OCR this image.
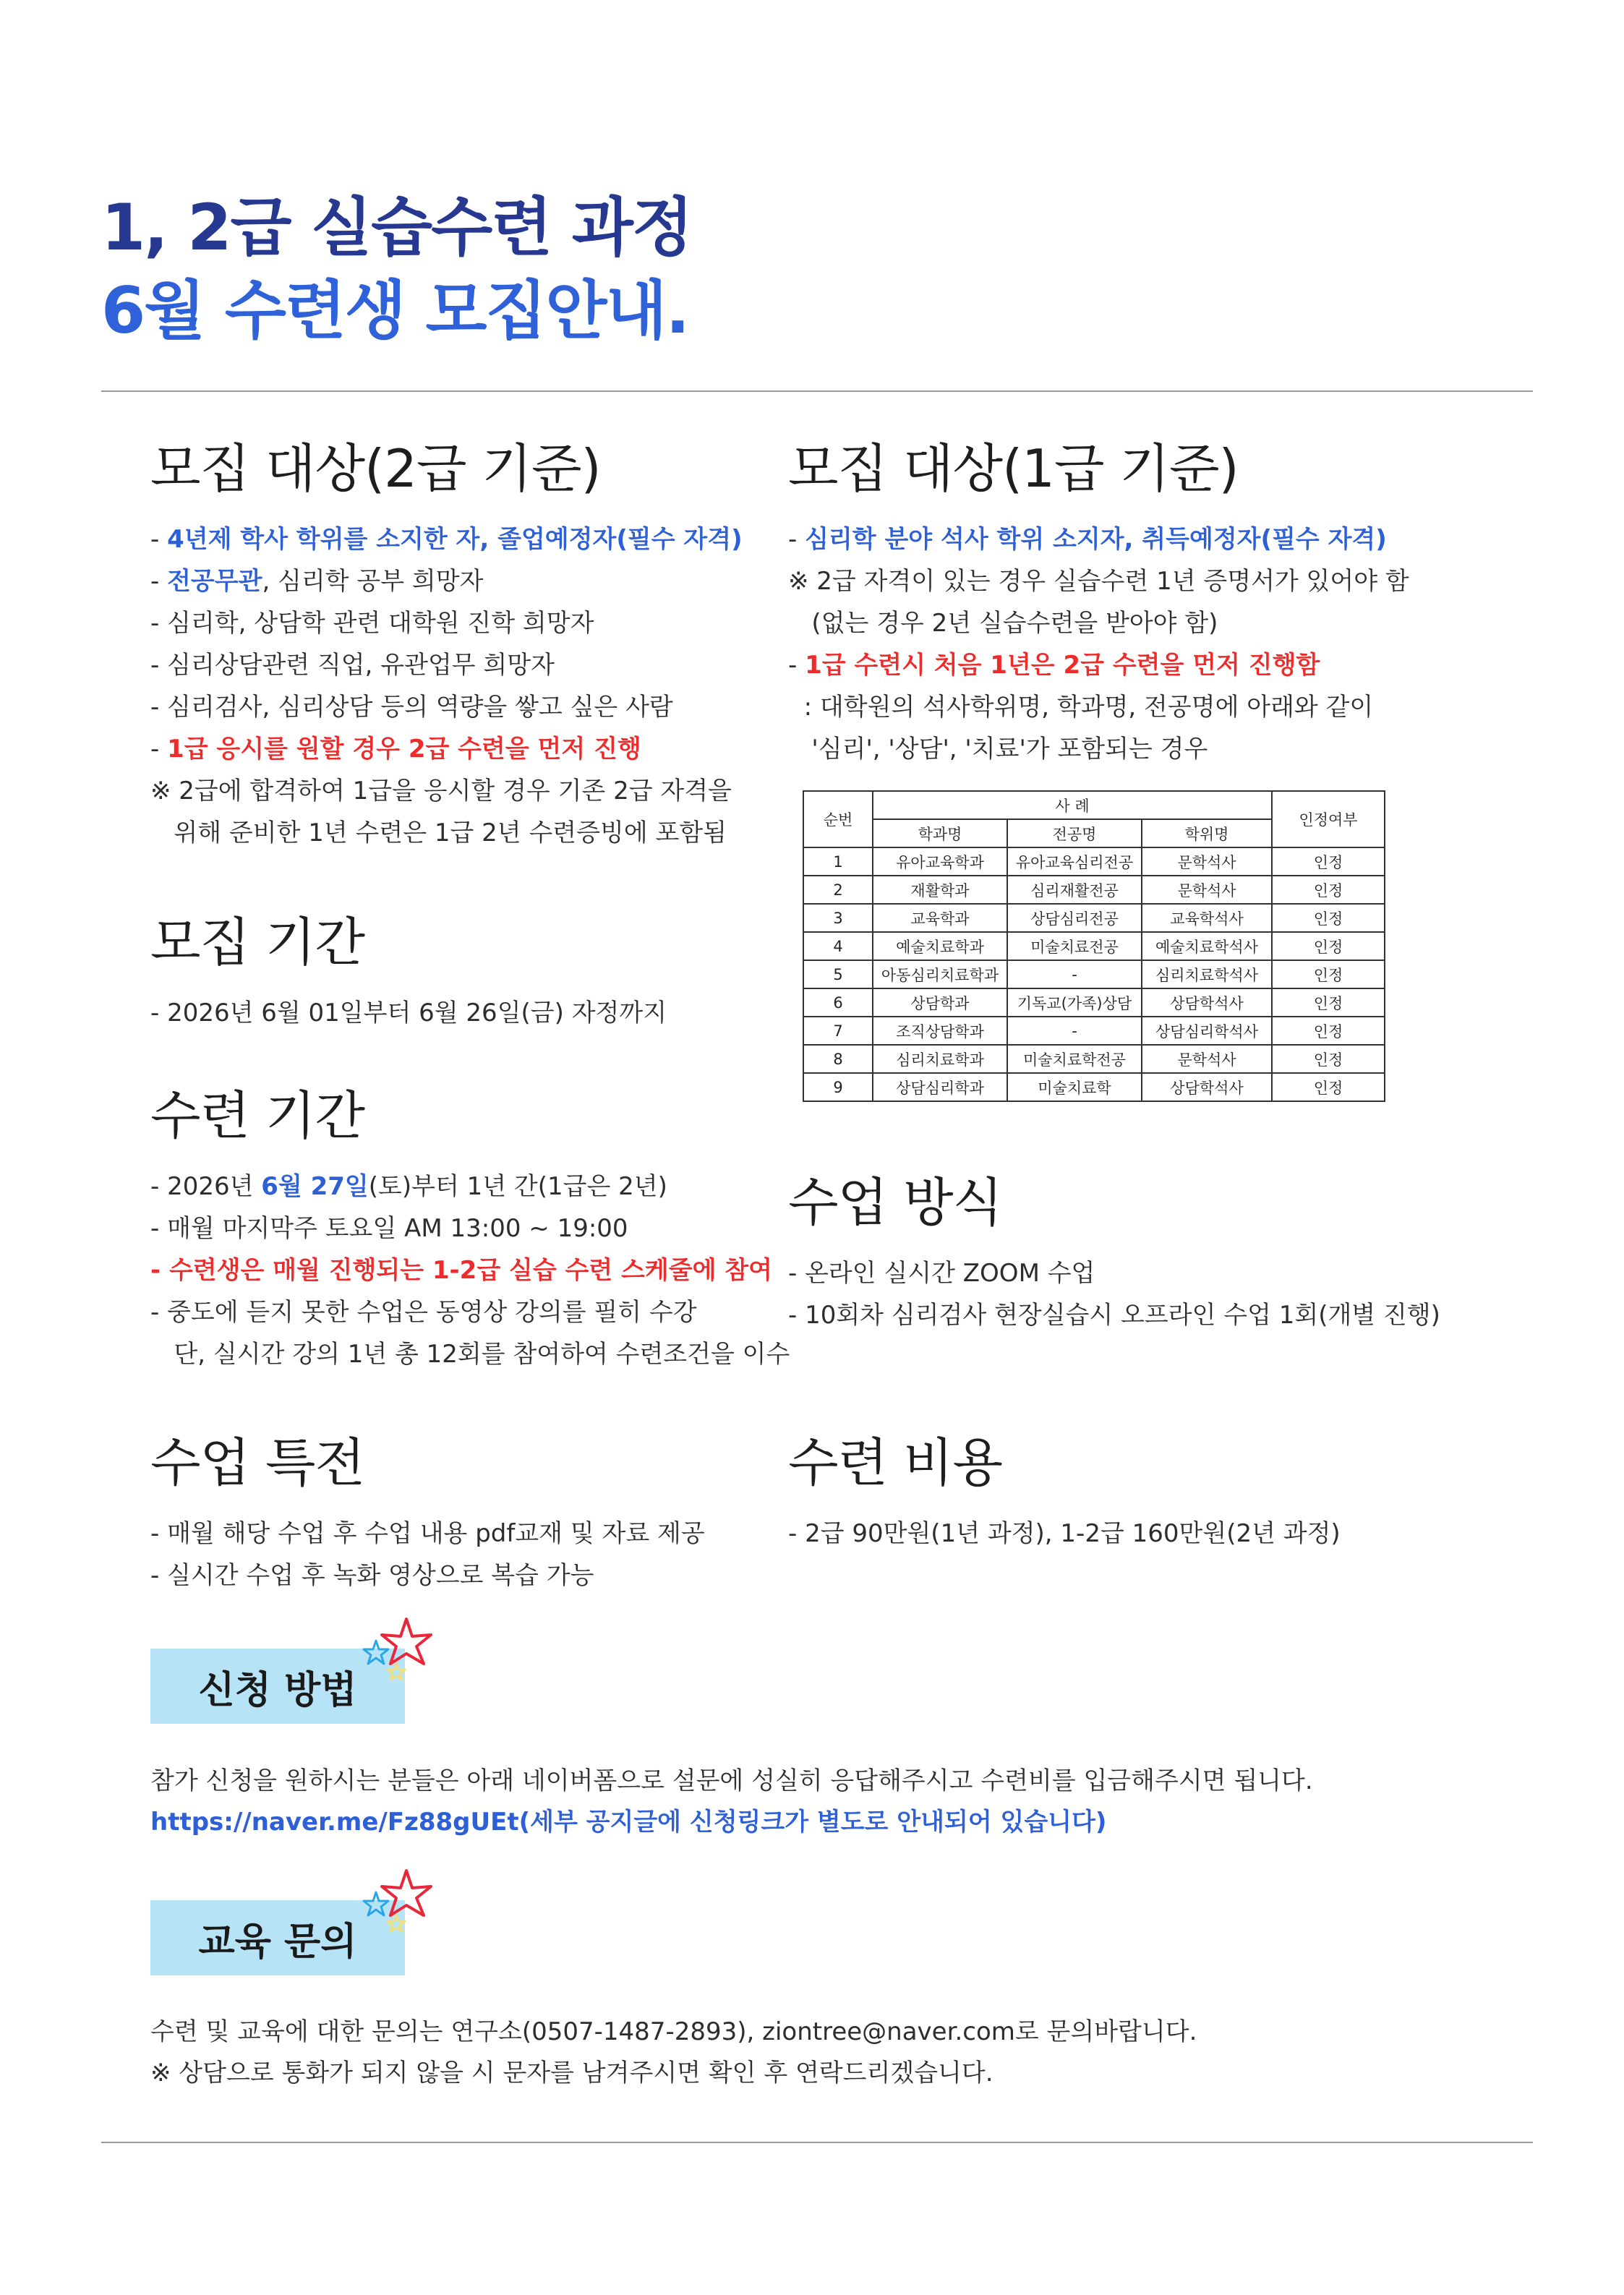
1, 2급 실습수련 과정
6월 수련생 모집안내.
모집 대상(2급 기준)
- 4년제 학사 학위를 소지한 자, 졸업예정자(필수 자격)
- 전공무관, 심리학 공부 희망자
- 심리학, 상담학 관련 대학원 진학 희망자
- 심리상담관련 직업, 유관업무 희망자
- 심리검사, 심리상담 등의 역량을 쌓고 싶은 사람
- 1급 응시를 원할 경우 2급 수련을 먼저 진행
※ 2급에 합격하여 1급을 응시할 경우 기존 2급 자격을
위해 준비한 1년 수련은 1급 2년 수련증빙에 포함됨
모집 기간
- 2026년 6월 01일부터 6월 26일(금) 자정까지
수련 기간
- 2026년 6월 27일(토)부터 1년 간(1급은 2년)
- 매월 마지막주 토요일 AM 13:00 ~ 19:00
- 수련생은 매월 진행되는 1-2급 실습 수련 스케줄에 참여
- 중도에 듣지 못한 수업은 동영상 강의를 필히 수강
단, 실시간 강의 1년 총 12회를 참여하여 수련조건을 이수
수업 특전
- 매월 해당 수업 후 수업 내용 pdf교재 및 자료 제공
- 실시간 수업 후 녹화 영상으로 복습 가능
모집 대상(1급 기준)
- 심리학 분야 석사 학위 소지자, 취득예정자(필수 자격)
※ 2급 자격이 있는 경우 실습수련 1년 증명서가 있어야 함
(없는 경우 2년 실습수련을 받아야 함)
- 1급 수련시 처음 1년은 2급 수련을 먼저 진행함
: 대학원의 석사학위명, 학과명, 전공명에 아래와 같이
'심리', '상담', '치료'가 포함되는 경우
순번	사 례			인정여부
	학과명	전공명	학위명	
1	유아교육학과	유아교육심리전공	문학석사	인정
2	재활학과	심리재활전공	문학석사	인정
3	교육학과	상담심리전공	교육학석사	인정
4	예술치료학과	미술치료전공	예술치료학석사	인정
5	아동심리치료학과	-	심리치료학석사	인정
6	상담학과	기독교(가족)상담	상담학석사	인정
7	조직상담학과	-	상담심리학석사	인정
8	심리치료학과	미술치료학전공	문학석사	인정
9	상담심리학과	미술치료학	상담학석사	인정
수업 방식
- 온라인 실시간 ZOOM 수업
- 10회차 심리검사 현장실습시 오프라인 수업 1회(개별 진행)
수련 비용
- 2급 90만원(1년 과정), 1-2급 160만원(2년 과정)
신청 방법
참가 신청을 원하시는 분들은 아래 네이버폼으로 설문에 성실히 응답해주시고 수련비를 입금해주시면 됩니다.
https://naver.me/Fz88gUEt(세부 공지글에 신청링크가 별도로 안내되어 있습니다)
교육 문의
수련 및 교육에 대한 문의는 연구소(0507-1487-2893), ziontree@naver.com로 문의바랍니다.
※ 상담으로 통화가 되지 않을 시 문자를 남겨주시면 확인 후 연락드리겠습니다.
